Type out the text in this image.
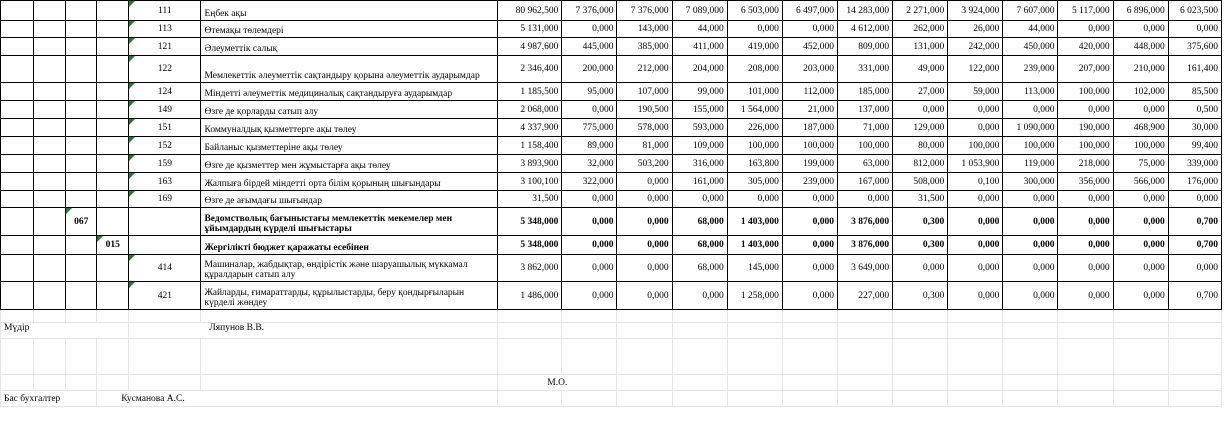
				111	Еңбек ақы	80 962,500	7 376,000	7 376,000	7 089,000	6 503,000	6 497,000	14 283,000	2 271,000	3 924,000	7 607,000	5 117,000	6 896,000	6 023,500
				113	Өтемақы төлемдері	5 131,000	0,000	143,000	44,000	0,000	0,000	4 612,000	262,000	26,000	44,000	0,000	0,000	0,000
				121	Әлеуметтік салық	4 987,600	445,000	385,000	411,000	419,000	452,000	809,000	131,000	242,000	450,000	420,000	448,000	375,600
				122	Мемлекеттік әлеуметтік сақтандыру қорына әлеуметтік аударымдар	2 346,400	200,000	212,000	204,000	208,000	203,000	331,000	49,000	122,000	239,000	207,000	210,000	161,400
				124	Міндетті әлеуметтік медициналық сақтандыруға аударымдар	1 185,500	95,000	107,000	99,000	101,000	112,000	185,000	27,000	59,000	113,000	100,000	102,000	85,500
				149	Өзге де қорларды сатып алу	2 068,000	0,000	190,500	155,000	1 564,000	21,000	137,000	0,000	0,000	0,000	0,000	0,000	0,500
				151	Коммуналдық қызметтерге ақы төлеу	4 337,900	775,000	578,000	593,000	226,000	187,000	71,000	129,000	0,000	1 090,000	190,000	468,900	30,000
				152	Байланыс қызметтеріне ақы төлеу	1 158,400	89,000	81,000	109,000	100,000	100,000	100,000	80,000	100,000	100,000	100,000	100,000	99,400
				159	Өзге де қызметтер мен жұмыстарға ақы төлеу	3 893,900	32,000	503,200	316,000	163,800	199,000	63,000	812,000	1 053,900	119,000	218,000	75,000	339,000
				163	Жалпыға бірдей міндетті орта білім қорының шығындары	3 100,100	322,000	0,000	161,000	305,000	239,000	167,000	508,000	0,100	300,000	356,000	566,000	176,000
				169	Өзге де ағымдағы шығындар	31,500	0,000	0,000	0,000	0,000	0,000	0,000	31,500	0,000	0,000	0,000	0,000	0,000
		067			Ведомстволық бағыныстағы мемлекеттік мекемелер мен ұйымдардың күрделі шығыстары	5 348,000	0,000	0,000	68,000	1 403,000	0,000	3 876,000	0,300	0,000	0,000	0,000	0,000	0,700
			015		Жергілікті бюджет қаражаты есебінен	5 348,000	0,000	0,000	68,000	1 403,000	0,000	3 876,000	0,300	0,000	0,000	0,000	0,000	0,700
				414	Машиналар, жабдықтар, өндірістік және шаруашылық мүккамал құралдарын сатып алу	3 862,000	0,000	0,000	68,000	145,000	0,000	3 649,000	0,000	0,000	0,000	0,000	0,000	0,000
				421	Жайларды, ғимараттарды, құрылыстарды, беру қондырғыларын күрделі жөндеу	1 486,000	0,000	0,000	0,000	1 258,000	0,000	227,000	0,300	0,000	0,000	0,000	0,000	0,700

Мүдір				Ляпунов В.В.														

						М.О.												
Бас бухгалтер			Кусманова А.С.															
